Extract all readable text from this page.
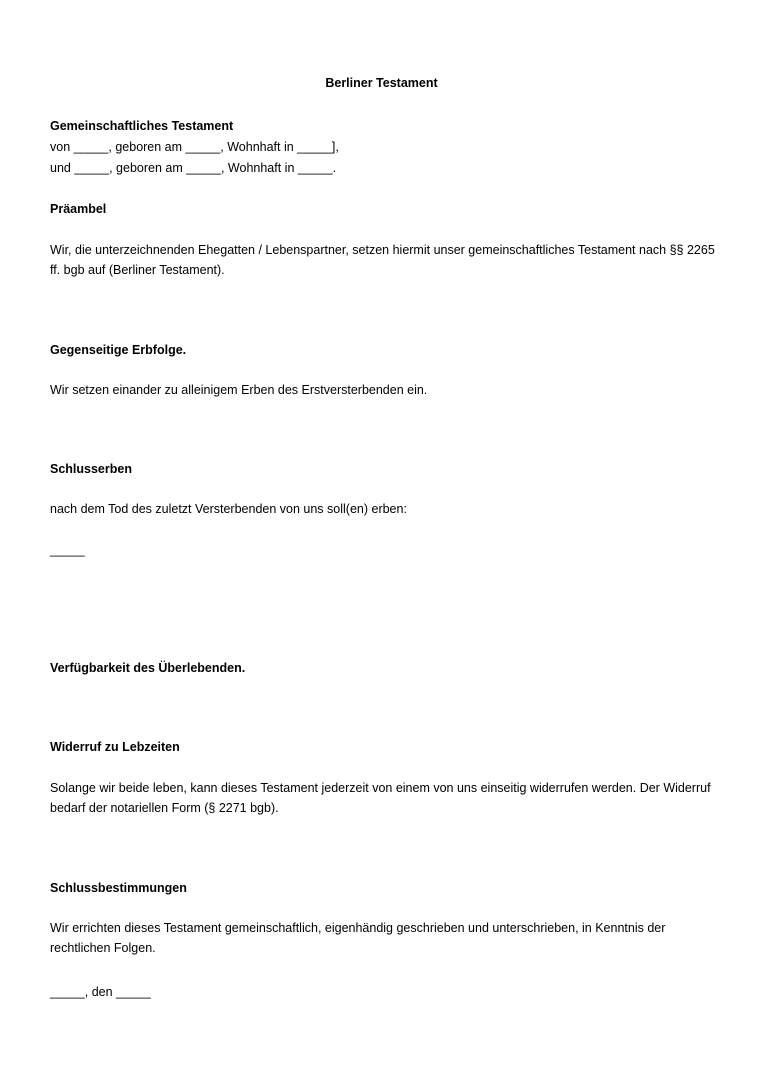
Berliner Testament
Gemeinschaftliches Testament
von _____, geboren am _____, Wohnhaft in _____],
und _____, geboren am _____, Wohnhaft in _____.
Präambel
Wir, die unterzeichnenden Ehegatten / Lebenspartner, setzen hiermit unser gemeinschaftliches Testament nach §§ 2265 ff. bgb auf (Berliner Testament).
Gegenseitige Erbfolge.
Wir setzen einander zu alleinigem Erben des Erstversterbenden ein.
Schlusserben
nach dem Tod des zuletzt Versterbenden von uns soll(en) erben:
_____
Verfügbarkeit des Überlebenden.
Widerruf zu Lebzeiten
Solange wir beide leben, kann dieses Testament jederzeit von einem von uns einseitig widerrufen werden. Der Widerruf bedarf der notariellen Form (§ 2271 bgb).
Schlussbestimmungen
Wir errichten dieses Testament gemeinschaftlich, eigenhändig geschrieben und unterschrieben, in Kenntnis der rechtlichen Folgen.
_____, den _____
